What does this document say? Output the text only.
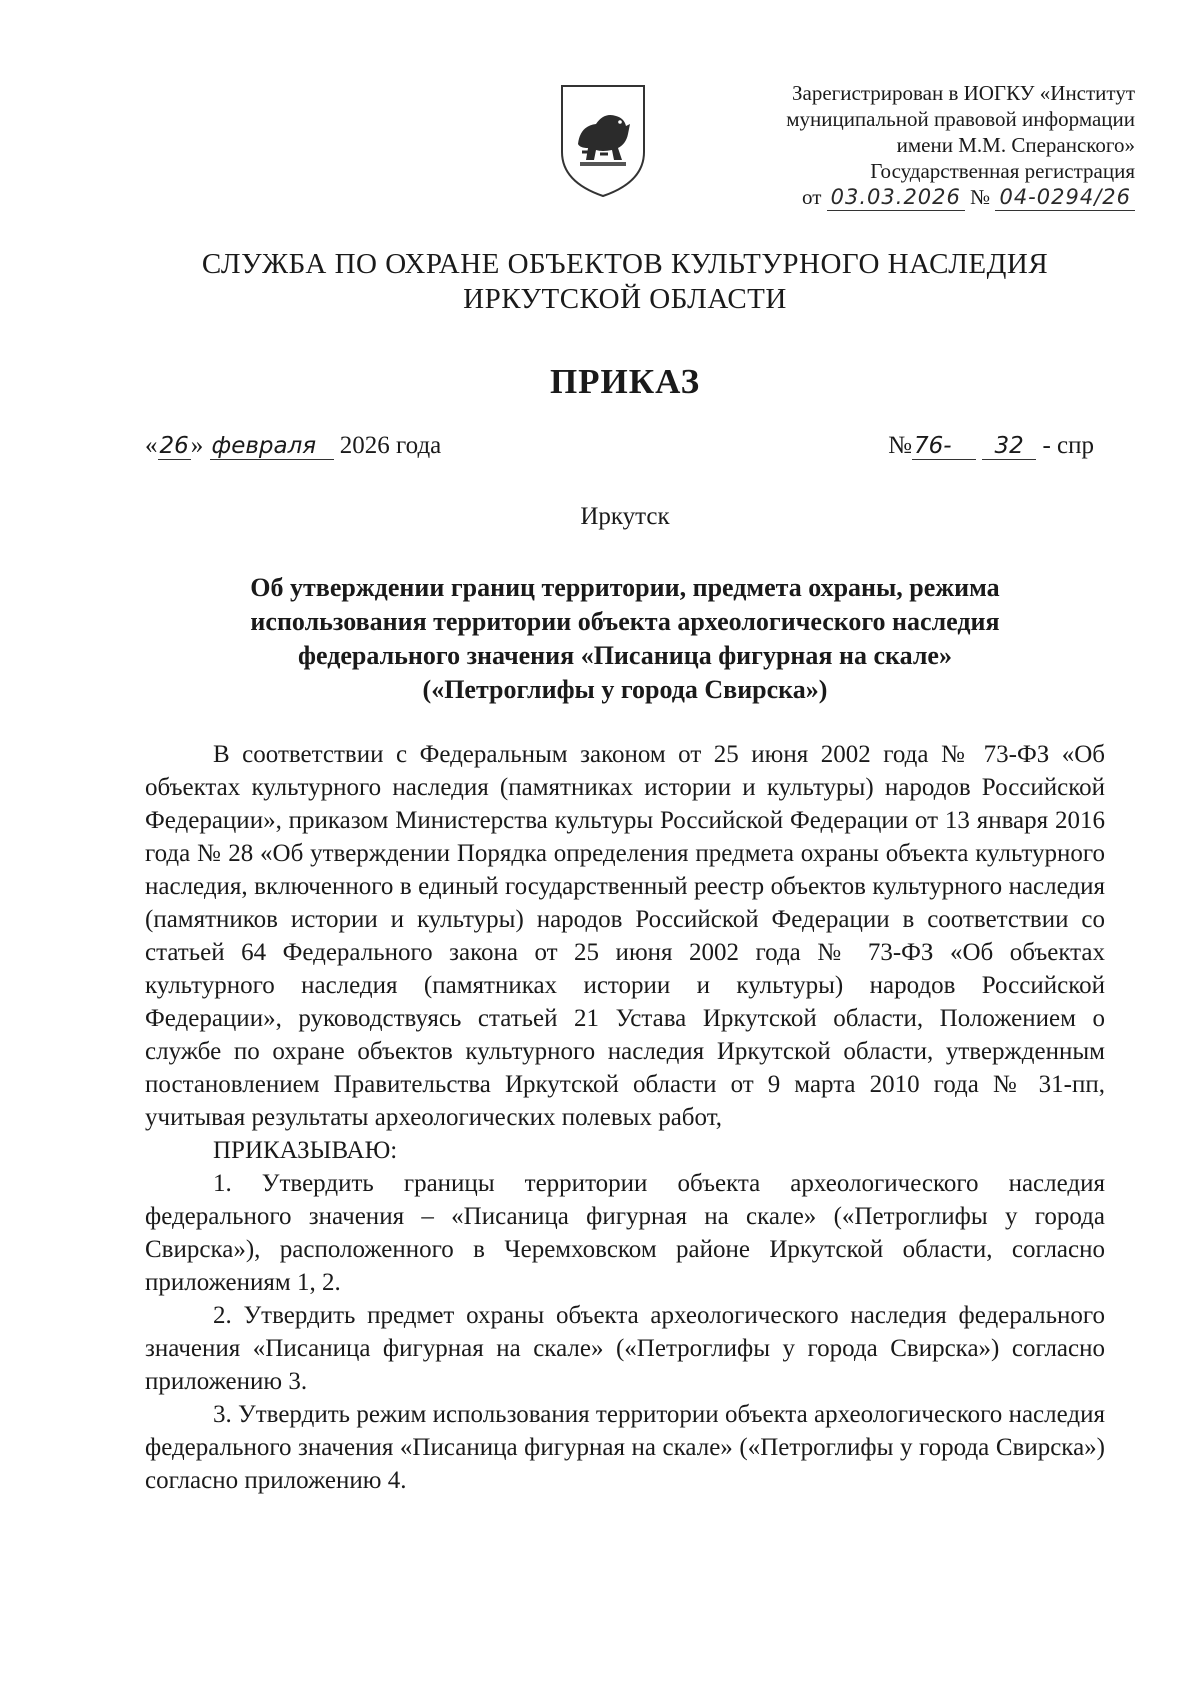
Зарегистрирован в ИОГКУ «Институт
муниципальной правовой информации
имени М.М. Сперанского»
Государственная регистрация
от 03.03.2026 № 04-0294/26
СЛУЖБА ПО ОХРАНЕ ОБЪЕКТОВ КУЛЬТУРНОГО НАСЛЕДИЯ
ИРКУТСКОЙ ОБЛАСТИ
ПРИКАЗ
«26» февраля 2026 года	№76- 32 - спр
Иркутск
Об утверждении границ территории, предмета охраны, режима
использования территории объекта археологического наследия
федерального значения «Писаница фигурная на скале»
(«Петроглифы у города Свирска»)

В соответствии с Федеральным законом от 25 июня 2002 года № 73-ФЗ «Об объектах культурного наследия (памятниках истории и культуры) народов Российской Федерации», приказом Министерства культуры Российской Федерации от 13 января 2016 года № 28 «Об утверждении Порядка определения предмета охраны объекта культурного наследия, включенного в единый государственный реестр объектов культурного наследия (памятников истории и культуры) народов Российской Федерации в соответствии со статьей 64 Федерального закона от 25 июня 2002 года № 73-ФЗ «Об объектах культурного наследия (памятниках истории и культуры) народов Российской Федерации», руководствуясь статьей 21 Устава Иркутской области, Положением о службе по охране объектов культурного наследия Иркутской области, утвержденным постановлением Правительства Иркутской области от 9 марта 2010 года № 31-пп, учитывая результаты археологических полевых работ,

ПРИКАЗЫВАЮ:

1. Утвердить границы территории объекта археологического наследия федерального значения – «Писаница фигурная на скале» («Петроглифы у города Свирска»), расположенного в Черемховском районе Иркутской области, согласно приложениям 1, 2.

2. Утвердить предмет охраны объекта археологического наследия федерального значения «Писаница фигурная на скале» («Петроглифы у города Свирска») согласно приложению 3.

3. Утвердить режим использования территории объекта археологического наследия федерального значения «Писаница фигурная на скале» («Петроглифы у города Свирска») согласно приложению 4.
